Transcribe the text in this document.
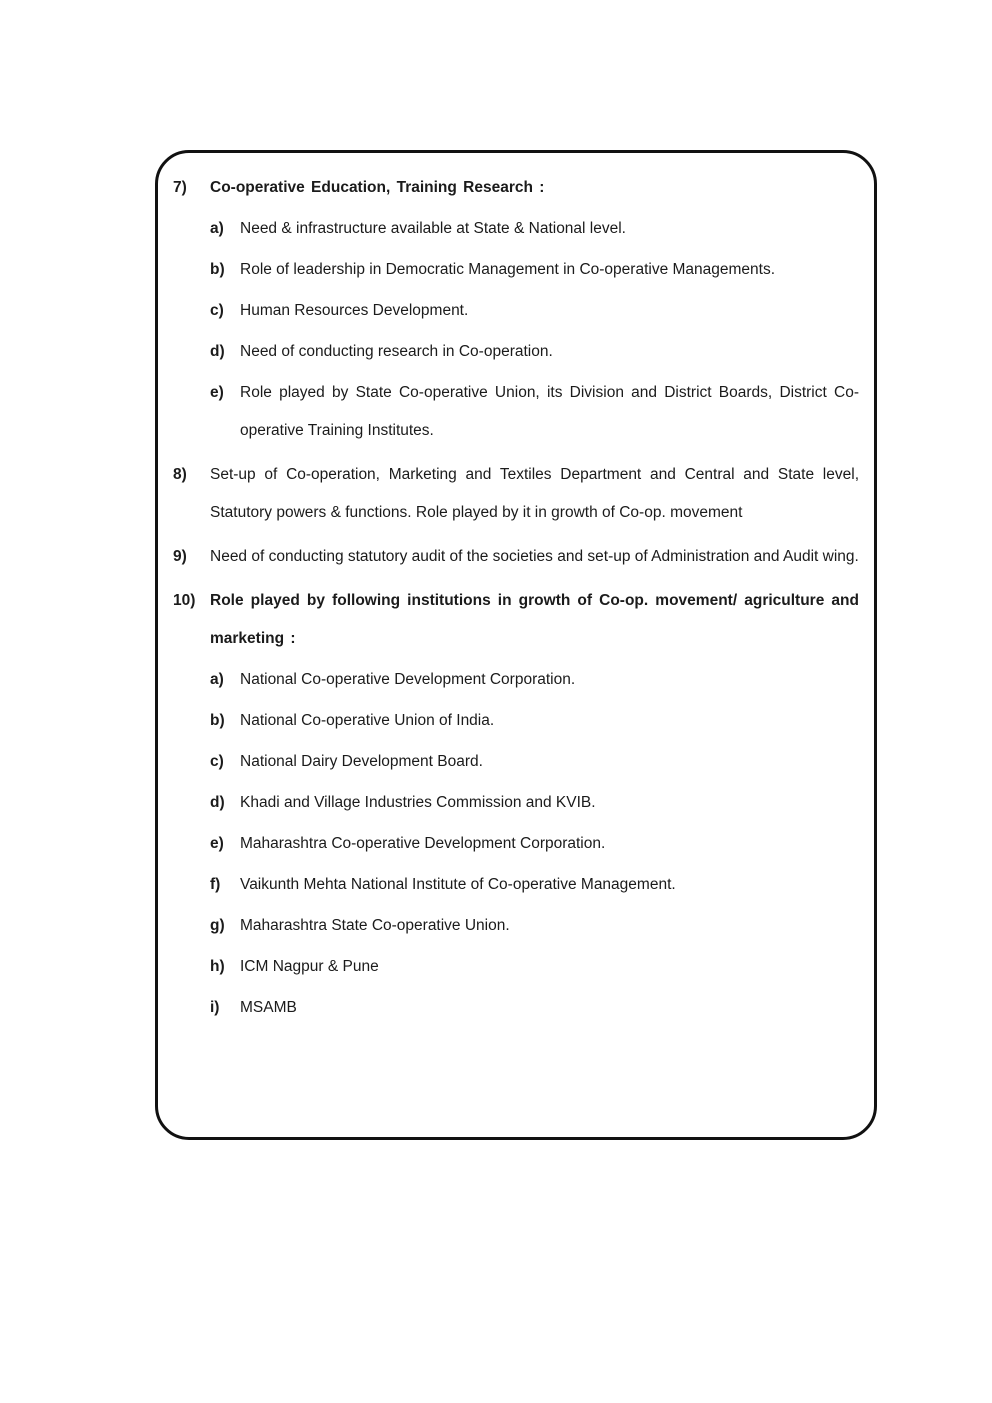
7)	Co-operative Education, Training Research :
a)	Need & infrastructure available at State & National level.
b) Role of leadership in Democratic Management in Co-operative Managements.
c)	Human Resources Development.
d) Need of conducting research in Co-operation.
e)	Role played by State Co-operative Union, its Division and District Boards, District Co-operative Training Institutes.
8)	Set-up of Co-operation, Marketing and Textiles Department and Central and State level, Statutory powers & functions. Role played by it in growth of Co-op. movement
9)	Need of conducting statutory audit of the societies and set-up of Administration and Audit wing.
10) Role played by following institutions in growth of Co-op. movement/ agriculture and marketing :
a)	National Co-operative Development Corporation.
b) National Co-operative Union of India.
c)	National Dairy Development Board.
d) Khadi and Village Industries Commission and KVIB.
e)	Maharashtra Co-operative Development Corporation.
f)	Vaikunth Mehta National Institute of Co-operative Management.
g) Maharashtra State Co-operative Union.
h) ICM Nagpur & Pune
i)	MSAMB
